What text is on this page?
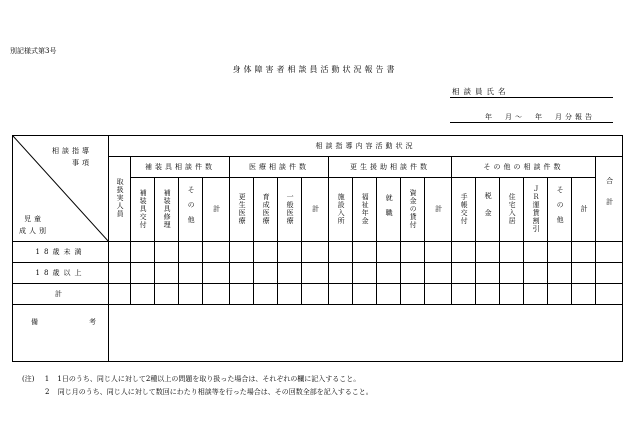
別記様式第3号
身体障害者相談員活動状況報告書
相談員氏名
年　月〜　年　月分報告
相談指導
事項
児童
成人別	相談指導内容活動状況																				
	取扱実人員	補装具相談件数				医療相談件数				更生援助相談件数					その他の相談件数						合計
		補装具交付	補装具修理	その他	計	更生医療	育成医療	一般医療	計	施設入所	福祉年金	就職	資金の貸付	計	手帳交付	税金	住宅入居	ＪＲ運賃割引	その他	計	
18歳未満																					
18歳以上																					
計																					

備 考																					

(注) 1 1日のうち、同じ人に対して2種以上の問題を取り扱った場合は、それぞれの欄に記入すること。
2 同じ月のうち、同じ人に対して数回にわたり相談等を行った場合は、その回数全部を記入すること。
